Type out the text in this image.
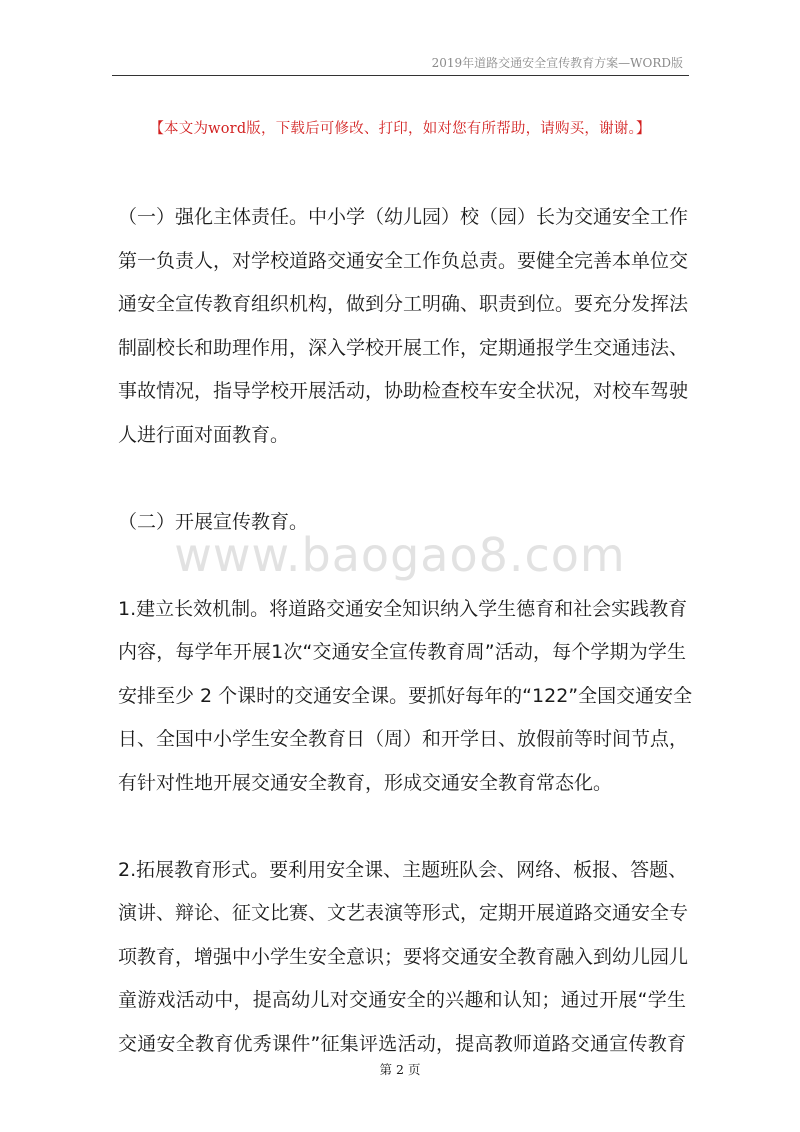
2019年道路交通安全宣传教育方案—WORD版
【本文为word版，下载后可修改、打印，如对您有所帮助，请购买，谢谢。】
www.baogao8.com

（一）强化主体责任。中小学（幼儿园）校（园）长为交通安全工作
第一负责人，对学校道路交通安全工作负总责。要健全完善本单位交
通安全宣传教育组织机构，做到分工明确、职责到位。要充分发挥法
制副校长和助理作用，深入学校开展工作，定期通报学生交通违法、
事故情况，指导学校开展活动，协助检查校车安全状况，对校车驾驶
人进行面对面教育。

（二）开展宣传教育。

1.建立长效机制。将道路交通安全知识纳入学生德育和社会实践教育
内容，每学年开展1次“交通安全宣传教育周”活动，每个学期为学生
安排至少 2 个课时的交通安全课。要抓好每年的“122”全国交通安全
日、全国中小学生安全教育日（周）和开学日、放假前等时间节点，
有针对性地开展交通安全教育，形成交通安全教育常态化。

2.拓展教育形式。要利用安全课、主题班队会、网络、板报、答题、
演讲、辩论、征文比赛、文艺表演等形式，定期开展道路交通安全专
项教育，增强中小学生安全意识；要将交通安全教育融入到幼儿园儿
童游戏活动中，提高幼儿对交通安全的兴趣和认知；通过开展“学生
交通安全教育优秀课件”征集评选活动，提高教师道路交通宣传教育

第 2 页
